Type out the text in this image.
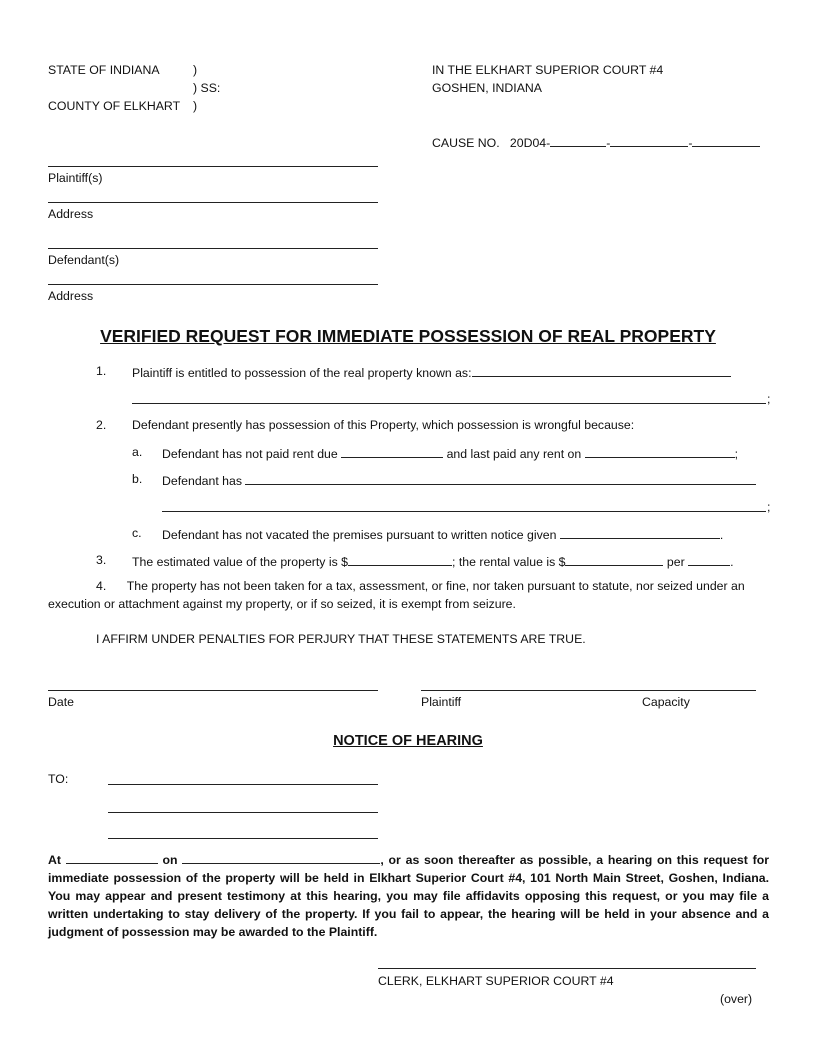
STATE OF INDIANA	)
) SS:
COUNTY OF ELKHART )
IN THE ELKHART SUPERIOR COURT #4
GOSHEN, INDIANA
CAUSE NO. 20D04-	-	-
Plaintiff(s)
Address
Defendant(s)
Address
VERIFIED REQUEST FOR IMMEDIATE POSSESSION OF REAL PROPERTY
1. Plaintiff is entitled to possession of the real property known as:
;
2. Defendant presently has possession of this Property, which possession is wrongful because:
a. Defendant has not paid rent due	and last paid any rent on	;
b. Defendant has
;
c. Defendant has not vacated the premises pursuant to written notice given	.
3. The estimated value of the property is $	; the rental value is $	per	.
4. The property has not been taken for a tax, assessment, or fine, nor taken pursuant to statute, nor seized under an execution or attachment against my property, or if so seized, it is exempt from seizure.
I AFFIRM UNDER PENALTIES FOR PERJURY THAT THESE STATEMENTS ARE TRUE.
Date	Plaintiff	Capacity
NOTICE OF HEARING
TO:
At	on	, or as soon thereafter as possible, a hearing on this request for immediate possession of the property will be held in Elkhart Superior Court #4, 101 North Main Street, Goshen, Indiana. You may appear and present testimony at this hearing, you may file affidavits opposing this request, or you may file a written undertaking to stay delivery of the property. If you fail to appear, the hearing will be held in your absence and a judgment of possession may be awarded to the Plaintiff.
CLERK, ELKHART SUPERIOR COURT #4
(over)
